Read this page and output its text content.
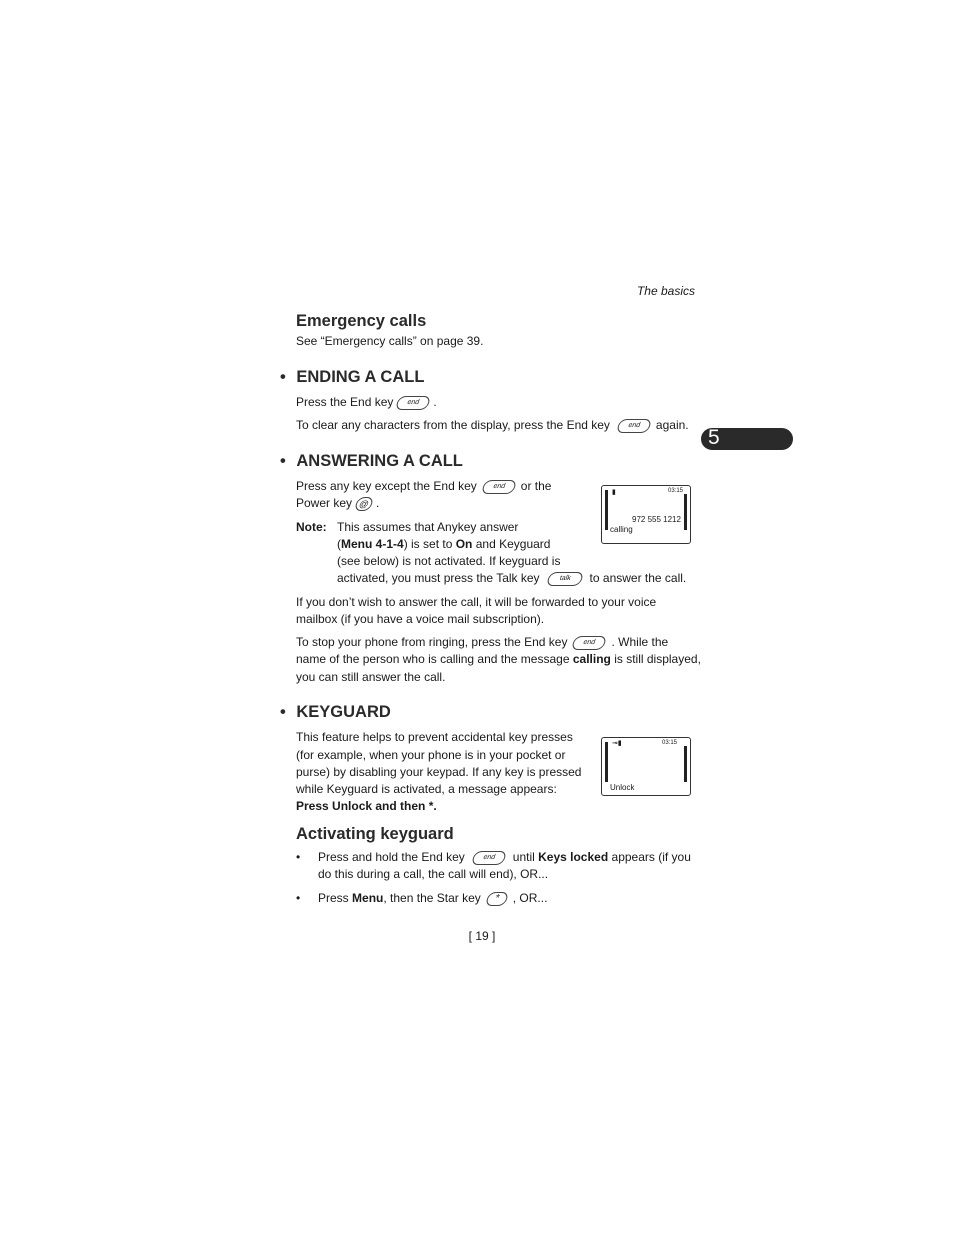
The basics
5
Emergency calls
See “Emergency calls” on page 39.
• ENDING A CALL
Press the End key end .
To clear any characters from the display, press the End key end again.
• ANSWERING A CALL
Press any key except the End key end or the
Power key @ .
Note: This assumes that Anykey answer
(Menu 4-1-4) is set to On and Keyguard
(see below) is not activated. If keyguard is
activated, you must press the Talk key	talk to answer the call.
▮	03:15
972 555 1212
calling
If you don’t wish to answer the call, it will be forwarded to your voice
mailbox (if you have a voice mail subscription).
To stop your phone from ringing, press the End key end . While the
name of the person who is calling and the message calling is still displayed,
you can still answer the call.
• KEYGUARD
This feature helps to prevent accidental key presses
(for example, when your phone is in your pocket or
purse) by disabling your keypad. If any key is pressed
while Keyguard is activated, a message appears:
Press Unlock and then *.
⊸▮	03:15
Unlock
Activating keyguard
• Press and hold the End key end until Keys locked appears (if you
do this during a call, the call will end), OR...
• Press Menu, then the Star key * , OR...
[ 19 ]
